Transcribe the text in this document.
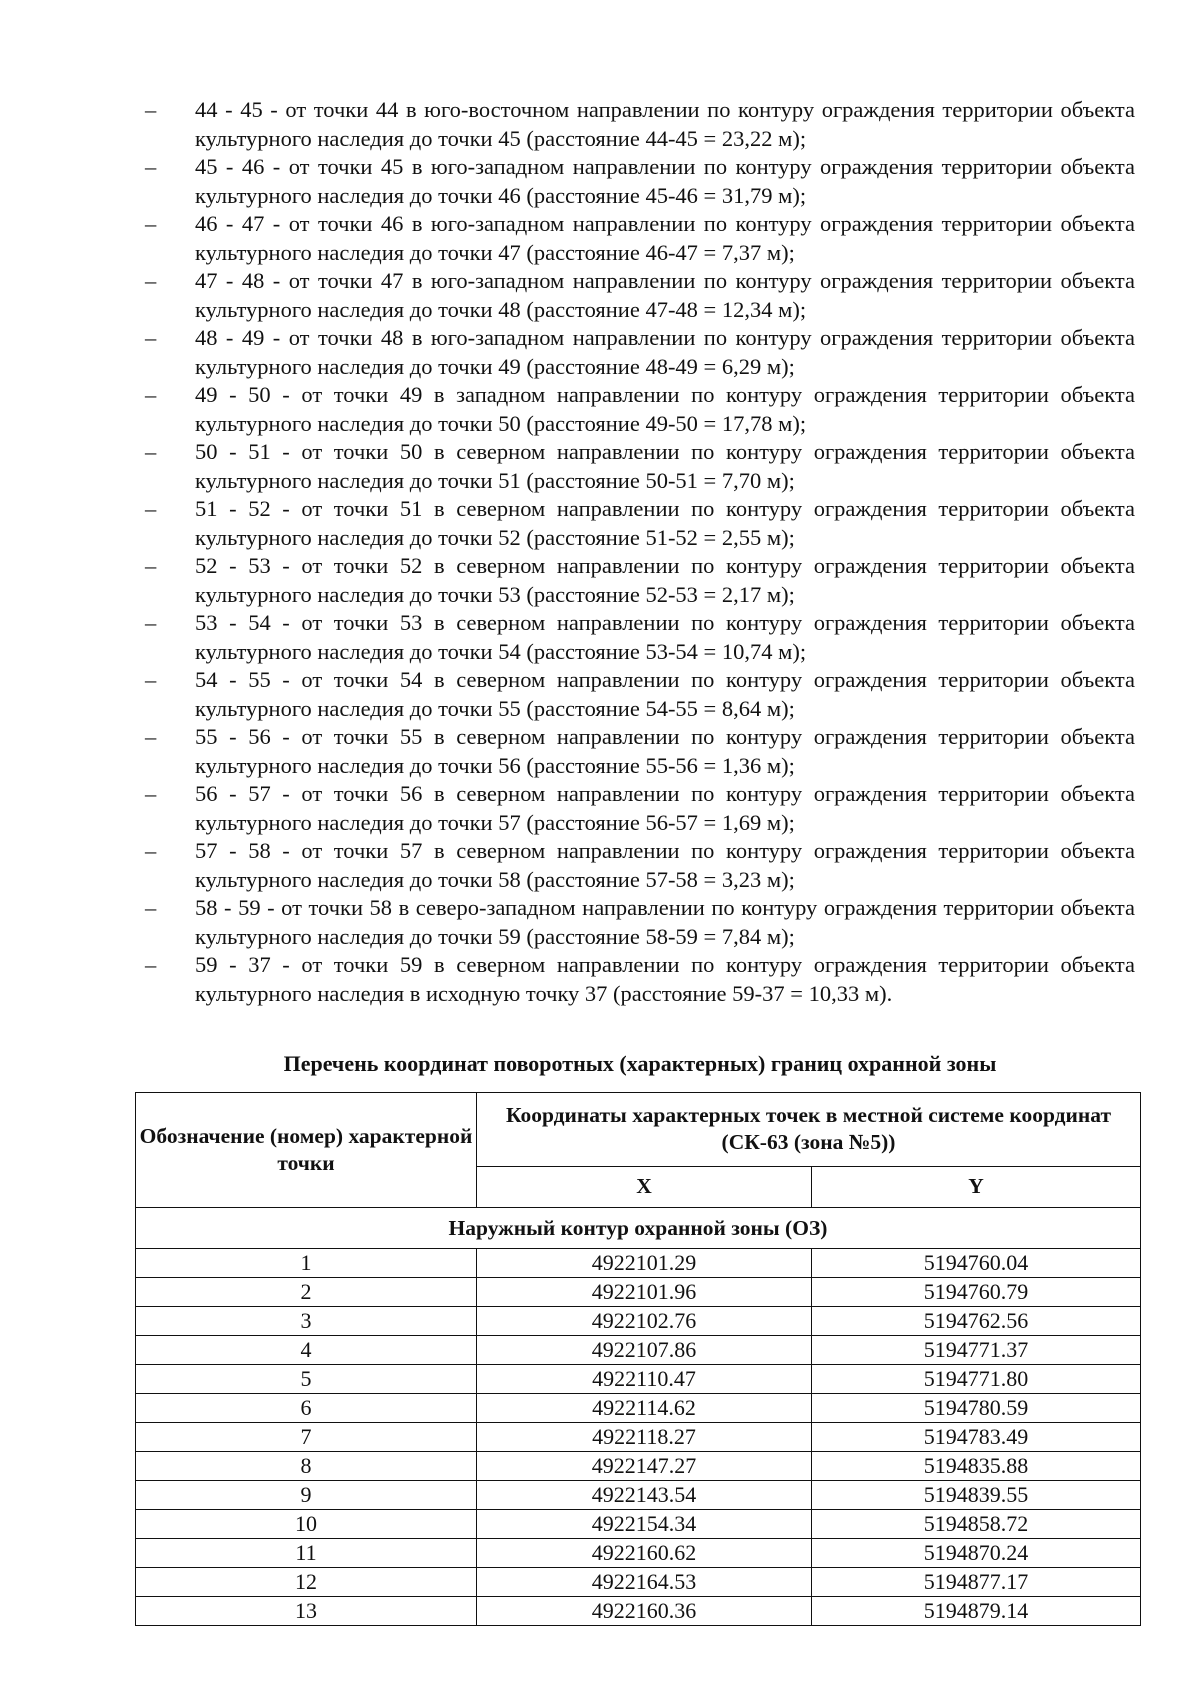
– 44 - 45 - от точки 44 в юго-восточном направлении по контуру ограждения территории объекта культурного наследия до точки 45 (расстояние 44-45 = 23,22 м);
– 45 - 46 - от точки 45 в юго-западном направлении по контуру ограждения территории объекта культурного наследия до точки 46 (расстояние 45-46 = 31,79 м);
– 46 - 47 - от точки 46 в юго-западном направлении по контуру ограждения территории объекта культурного наследия до точки 47 (расстояние 46-47 = 7,37 м);
– 47 - 48 - от точки 47 в юго-западном направлении по контуру ограждения территории объекта культурного наследия до точки 48 (расстояние 47-48 = 12,34 м);
– 48 - 49 - от точки 48 в юго-западном направлении по контуру ограждения территории объекта культурного наследия до точки 49 (расстояние 48-49 = 6,29 м);
– 49 - 50 - от точки 49 в западном направлении по контуру ограждения территории объекта культурного наследия до точки 50 (расстояние 49-50 = 17,78 м);
– 50 - 51 - от точки 50 в северном направлении по контуру ограждения территории объекта культурного наследия до точки 51 (расстояние 50-51 = 7,70 м);
– 51 - 52 - от точки 51 в северном направлении по контуру ограждения территории объекта культурного наследия до точки 52 (расстояние 51-52 = 2,55 м);
– 52 - 53 - от точки 52 в северном направлении по контуру ограждения территории объекта культурного наследия до точки 53 (расстояние 52-53 = 2,17 м);
– 53 - 54 - от точки 53 в северном направлении по контуру ограждения территории объекта культурного наследия до точки 54 (расстояние 53-54 = 10,74 м);
– 54 - 55 - от точки 54 в северном направлении по контуру ограждения территории объекта культурного наследия до точки 55 (расстояние 54-55 = 8,64 м);
– 55 - 56 - от точки 55 в северном направлении по контуру ограждения территории объекта культурного наследия до точки 56 (расстояние 55-56 = 1,36 м);
– 56 - 57 - от точки 56 в северном направлении по контуру ограждения территории объекта культурного наследия до точки 57 (расстояние 56-57 = 1,69 м);
– 57 - 58 - от точки 57 в северном направлении по контуру ограждения территории объекта культурного наследия до точки 58 (расстояние 57-58 = 3,23 м);
– 58 - 59 - от точки 58 в северо-западном направлении по контуру ограждения территории объекта культурного наследия до точки 59 (расстояние 58-59 = 7,84 м);
– 59 - 37 - от точки 59 в северном направлении по контуру ограждения территории объекта культурного наследия в исходную точку 37 (расстояние 59-37 = 10,33 м).
Перечень координат поворотных (характерных) границ охранной зоны
Обозначение (номер) характерной точки	Координаты характерных точек в местной системе координат (СК-63 (зона №5))	
	X	Y
Наружный контур охранной зоны (ОЗ)		
1	4922101.29	5194760.04
2	4922101.96	5194760.79
3	4922102.76	5194762.56
4	4922107.86	5194771.37
5	4922110.47	5194771.80
6	4922114.62	5194780.59
7	4922118.27	5194783.49
8	4922147.27	5194835.88
9	4922143.54	5194839.55
10	4922154.34	5194858.72
11	4922160.62	5194870.24
12	4922164.53	5194877.17
13	4922160.36	5194879.14
